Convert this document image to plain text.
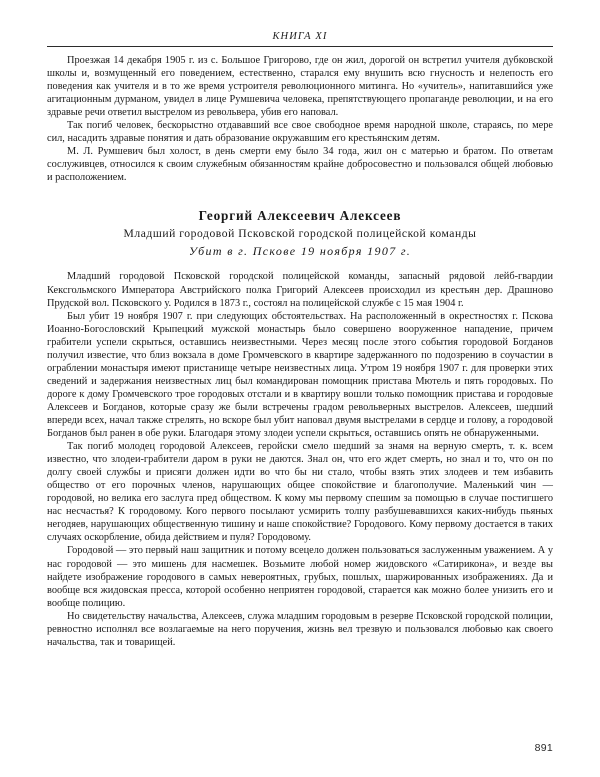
КНИГА XI

Проезжая 14 декабря 1905 г. из с. Большое Григорово, где он жил, дорогой он встретил учителя дубковской школы и, возмущенный его поведением, естественно, старался ему внушить всю гнусность и нелепость его поведения как учителя и в то же время устроителя революционного митинга. Но «учитель», напитавшийся уже агитационным дурманом, увидел в лице Румшевича человека, препятствующего пропаганде революции, и на его здравые речи ответил выстрелом из револьвера, убив его наповал.

Так погиб человек, бескорыстно отдававший все свое свободное время народной школе, стараясь, по мере сил, насадить здравые понятия и дать образование окружавшим его крестьянским детям.

М. Л. Румшевич был холост, в день смерти ему было 34 года, жил он с матерью и братом. По ответам сослуживцев, относился к своим служебным обязанностям крайне добросовестно и пользовался общей любовью и расположением.

Георгий Алексеевич Алексеев
Младший городовой Псковской городской полицейской команды
Убит в г. Пскове 19 ноября 1907 г.

Младший городовой Псковской городской полицейской команды, запасный рядовой лейб-гвардии Кексгольмского Императора Австрийского полка Григорий Алексеев происходил из крестьян дер. Драшново Прудской вол. Псковского у. Родился в 1873 г., состоял на полицейской службе с 15 мая 1904 г.

Был убит 19 ноября 1907 г. при следующих обстоятельствах. На расположенный в окрестностях г. Пскова Иоанно-Богословский Крыпецкий мужской монастырь было совершено вооруженное нападение, причем грабители успели скрыться, оставшись неизвестными. Через месяц после этого события городовой Богданов получил известие, что близ вокзала в доме Громчевского в квартире задержанного по подозрению в соучастии в ограблении монастыря имеют пристанище четыре неизвестных лица. Утром 19 ноября 1907 г. для проверки этих сведений и задержания неизвестных лиц был командирован помощник пристава Мютель и пять городовых. По дороге к дому Громчевского трое городовых отстали и в квартиру вошли только помощник пристава и городовые Алексеев и Богданов, которые сразу же были встречены градом револьверных выстрелов. Алексеев, шедший впереди всех, начал также стрелять, но вскоре был убит наповал двумя выстрелами в сердце и голову, а городовой Богданов был ранен в обе руки. Благодаря этому злодеи успели скрыться, оставшись опять не обнаруженными.

Так погиб молодец городовой Алексеев, геройски смело шедший за знамя на верную смерть, т. к. всем известно, что злодеи-грабители даром в руки не даются. Знал он, что его ждет смерть, но знал и то, что он по долгу своей службы и присяги должен идти во что бы ни стало, чтобы взять этих злодеев и тем избавить общество от его порочных членов, нарушающих общее спокойствие и благополучие. Маленький чин — городовой, но велика его заслуга пред обществом. К кому мы первому спешим за помощью в случае постигшего нас несчастья? К городовому. Кого первого посылают усмирить толпу разбушевавшихся каких-нибудь пьяных негодяев, нарушающих общественную тишину и наше спокойствие? Городового. Кому первому достается в таких случаях оскорбление, обида действием и пуля? Городовому.

Городовой — это первый наш защитник и потому всецело должен пользоваться заслуженным уважением. А у нас городовой — это мишень для насмешек. Возьмите любой номер жидовского «Сатирикона», и везде вы найдете изображение городового в самых невероятных, грубых, пошлых, шаржированных изображениях. Да и вообще вся жидовская пресса, которой особенно неприятен городовой, старается как можно более унизить его и вообще полицию.

Но свидетельству начальства, Алексеев, служа младшим городовым в резерве Псковской городской полиции, ревностно исполнял все возлагаемые на него поручения, жизнь вел трезвую и пользовался любовью как своего начальства, так и товарищей.

891
